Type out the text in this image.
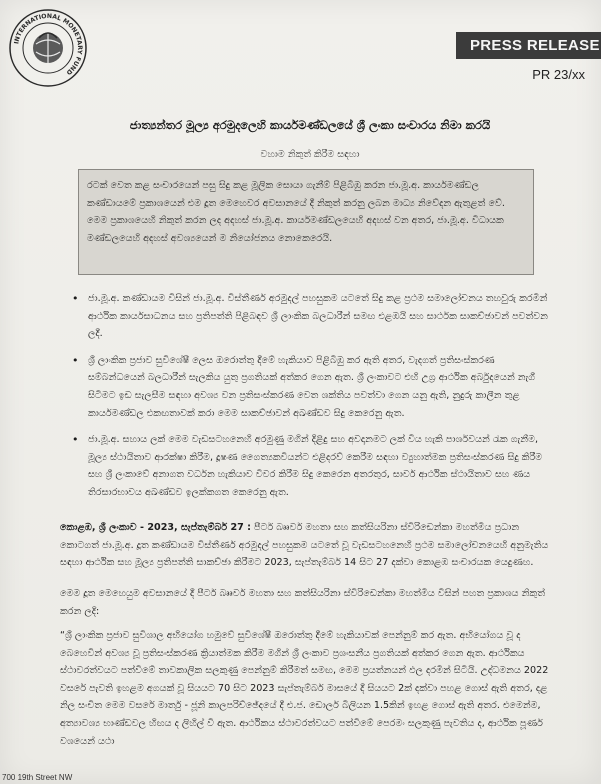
INTERNATIONAL MONETARY FUND
PRESS RELEASE
PR 23/xx
ජාත්‍යන්තර මූල්‍ය අරමුදලෙහි කාර්යමණ්ඩලයේ ශ්‍රී ලංකා සංචාරය නිමා කරයි
වහාම නිකුත් කිරීම සඳහා
රටක් වෙත කළ සංචාරයෙන් පසු සිදු කළ මූලික සොයා ගැනීම් පිළිබිඹු කරන ජා.මූ.අ. කාර්යමණ්ඩල කණ්ඩායමේ ප්‍රකාශයෙන් එම දූත මෙහෙවර අවසානයේ දී නිකුත් කරනු ලබන මාධ්‍ය නිවේදන ඇතුළත් වේ. මෙම ප්‍රකාශයෙහි නිකුත් කරන ලද අදහස් ජා.මූ.අ. කාර්යමණ්ඩලයෙහි අදහස් වන අතර, ජා.මූ.අ. විධායක මණ්ඩලයෙහි අදහස් අවශ්‍යයෙන් ම නියෝජනය නොකෙරෙයි.
• ජා.මූ.අ. කණ්ඩායම විසින් ජා.මූ.අ. විස්තීර්ණ අරමුදල් පහසුකම යටතේ සිදු කළ ප්‍රථම සමාලෝචනය තහවුරු කරමින් ආර්ථික කාර්යසාධනය සහ ප්‍රතිපත්ති පිළිබඳව ශ්‍රී ලාංකික බලධාරීන් සමඟ එළඹයි සහ සාර්ථක සාකච්ඡාවන් පවත්වන ලදී.
• ශ්‍රී ලාංකික ප්‍රජාව සුවිශේෂී ලෙස ඔරොත්තු දීමේ හැකියාව පිළිබිඹු කර ඇති අතර, වැදගත් ප්‍රතිසංස්කරණ සම්බන්ධයෙන් බලධාරීන් සැලකිය යුතු ප්‍රගතියක් අත්කර ගෙන ඇත. ශ්‍රී ලංකාවට එහි උග්‍ර ආර්ථික අර්බුදයෙන් නැගී සිටීමට ඉඩ සැලසීම සඳහා අවශ්‍ය වන ප්‍රතිසංස්කරණ වෙත ශක්තිය පවත්වා ගෙන යනු ඇති, නුදුරු කාලීන තුළ කාර්යමණ්ඩල එකඟතාවක් කරා මෙම සාකච්ඡාවන් අඛණ්ඩව සිදු කෙරෙනු ඇත.
• ජා.මූ.අ. සහාය ලක් මෙම වැඩසටහනෙහි අරමුණු මගින් දිළිදු සහ අවදානමට ලක් විය හැකි පාර්ශවයන් රැක ගැනීම, මූල්‍ය ස්ථායිතාව ආරක්ෂා කිරීම, දූෂණ ගෛත්‍යකවියන්ට එළිදරව් කෙරීම සඳහා ව්‍යුහාත්මක ප්‍රතිසංස්කරණ සිදු කිරීම සහ ශ්‍රී ලංකාවේ අනාගත වර්ධන හැකියාව විවර කිරීම සිදු කෙරෙන අතරතුර, සාර්ව ආර්ථික ස්ථායිතාව සහ ණය තිරසාරභාවය අඛණ්ඩව ඉලක්කගත කෙරෙනු ඇත.
කොළඹ, ශ්‍රී ලංකාව - 2023, සැප්තැම්බර් 27 : පීටර් බෲවර් මහතා සහ කත්සියරිනා ස්විරිඩෙන්කා මහත්මිය ප්‍රධාන කොටගත් ජා.මූ.අ. දූත කණ්ඩායම විස්තීර්ණ අරමුදල් පහසුකම යටතේ වූ වැඩසටහනෙහි ප්‍රථම සමාලෝචනයෙහි අනුමැතිය සඳහා ආර්ථික සහ මූල්‍ය ප්‍රතිපත්ති සාකච්ඡා කිරීමට 2023, සැප්තැම්බර් 14 සිට 27 දක්වා කොළඹ සංචාරයක යෙදුණහ.
මෙම දූත මෙහෙයුම අවසානයේ දී පීටර් බෲවර් මහතා සහ කත්සියරිනා ස්විරිඩෙන්කා මහත්මිය විසින් පහත ප්‍රකාශය නිකුත් කරන ලදි:
“ශ්‍රී ලාංකික ප්‍රජාව සුවිශාල අභියෝග හමුවේ සුවිශේෂී ඔරොත්තු දීමේ හැකියාවක් පෙන්නුම් කර ඇත. අභියෝගය වූ ද බෙහෙවින් අවශ්‍ය වූ ප්‍රතිසංස්කරණ ක්‍රියාත්මක කිරීම මගින් ශ්‍රී ලංකාව ප්‍රශංසනීය ප්‍රගතියක් අත්කර ගෙන ඇත. ආර්ථිකය ස්ථාවරත්වයට පත්වීමේ තාවකාලික සලකුණු පෙන්නුම් කිරීමත් සමඟ, මෙම ප්‍රයත්නයන් ඵල දරමින් සිටියි. උද්ධමනය 2022 වසරේ පැවති ඉහළම අගයක් වූ සියයට 70 සිට 2023 සැප්තැම්බර් මාසයේ දී සියයට 2ක් දක්වා පහළ ගොස් ඇති අතර, දළ නිල සංචිත මෙම වසරේ මාර්තු - ජූනි කාලපරිච්ඡේදයේ දී එ.ජ. ඩොලර් බිලියන 1.5කින් ඉහළ ගොස් ඇති අතර. එමෙන්ම, අත්‍යාවශ්‍ය භාණ්ඩවල හිඟය ද ලිහිල් වී ඇත. ආර්ථිකය ස්ථාවරත්වයට පත්වීමේ පෙරමං සලකුණු පැවතිය ද, ආර්ථික පූර්ණ වශයෙන් යථා
700 19th Street NW
